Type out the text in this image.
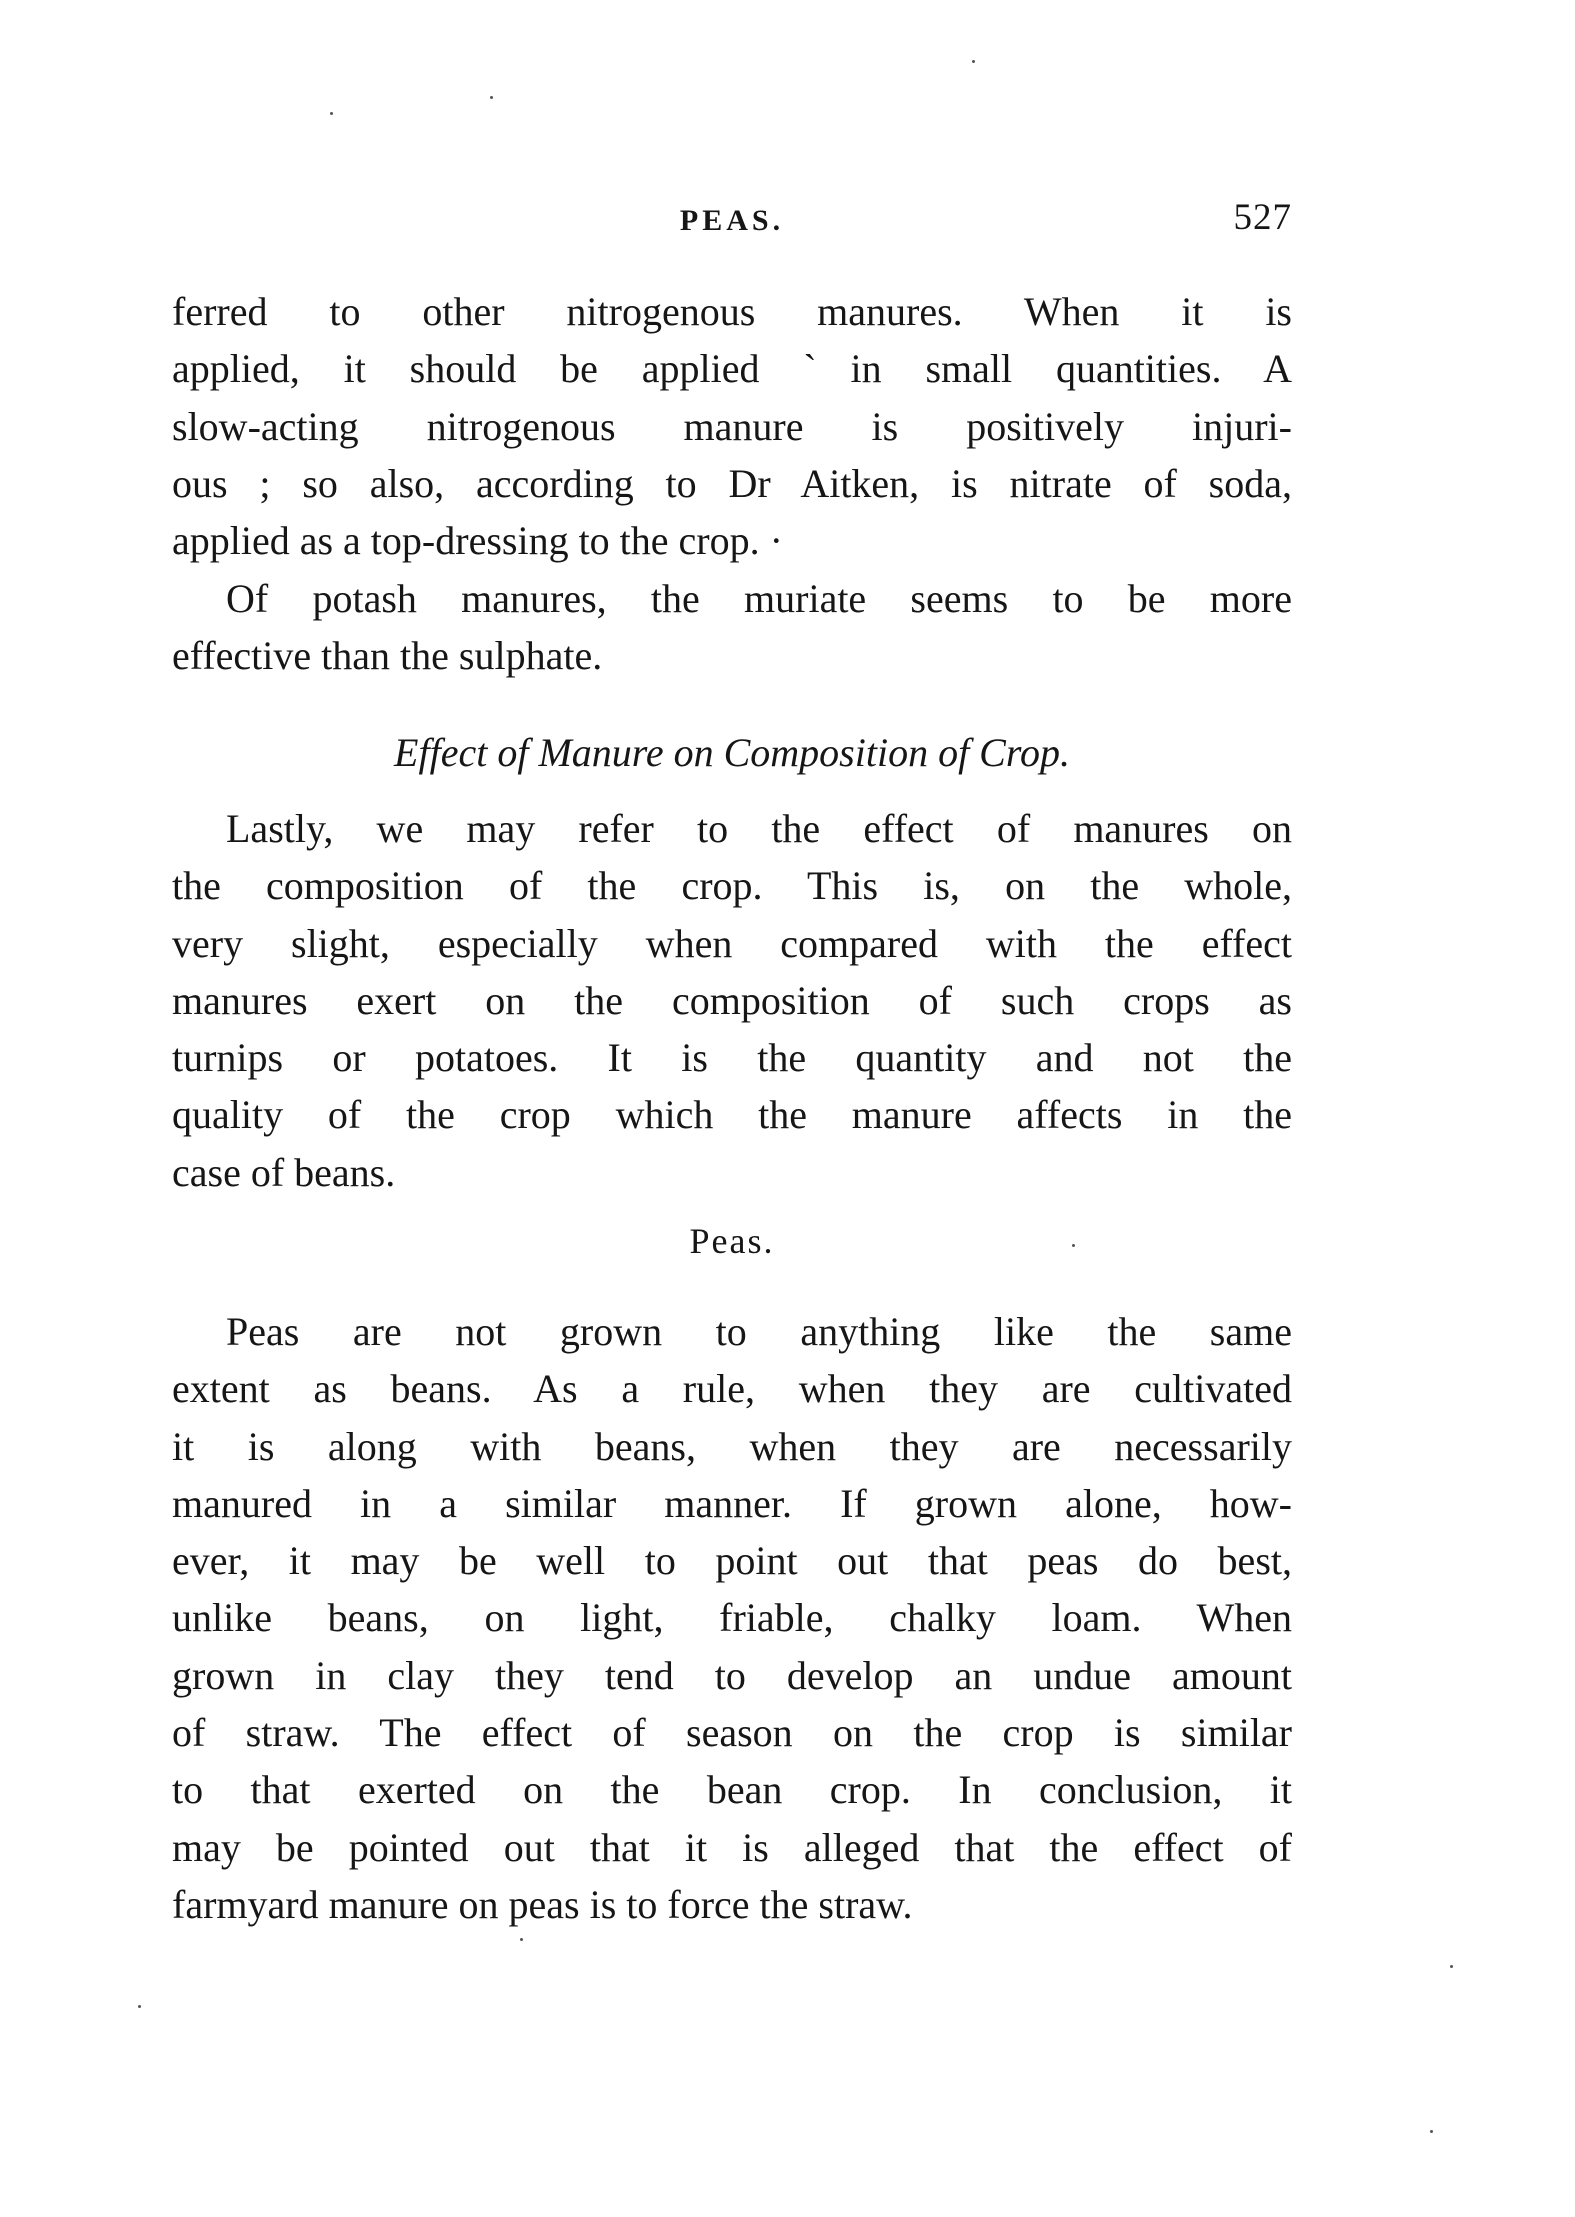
PEAS.	527
ferred to other nitrogenous manures. When it is
applied, it should be applied ˋin small quantities. A
slow-acting nitrogenous manure is positively injuri-
ous ; so also, according to Dr Aitken, is nitrate of soda,
applied as a top-dressing to the crop. ·
Of potash manures, the muriate seems to be more
effective than the sulphate.
Effect of Manure on Composition of Crop.
Lastly, we may refer to the effect of manures on
the composition of the crop. This is, on the whole,
very slight, especially when compared with the effect
manures exert on the composition of such crops as
turnips or potatoes. It is the quantity and not the
quality of the crop which the manure affects in the
case of beans.
Peas.
Peas are not grown to anything like the same
extent as beans. As a rule, when they are cultivated
it is along with beans, when they are necessarily
manured in a similar manner. If grown alone, how-
ever, it may be well to point out that peas do best,
unlike beans, on light, friable, chalky loam. When
grown in clay they tend to develop an undue amount
of straw. The effect of season on the crop is similar
to that exerted on the bean crop. In conclusion, it
may be pointed out that it is alleged that the effect of
farmyard manure on peas is to force the straw.
